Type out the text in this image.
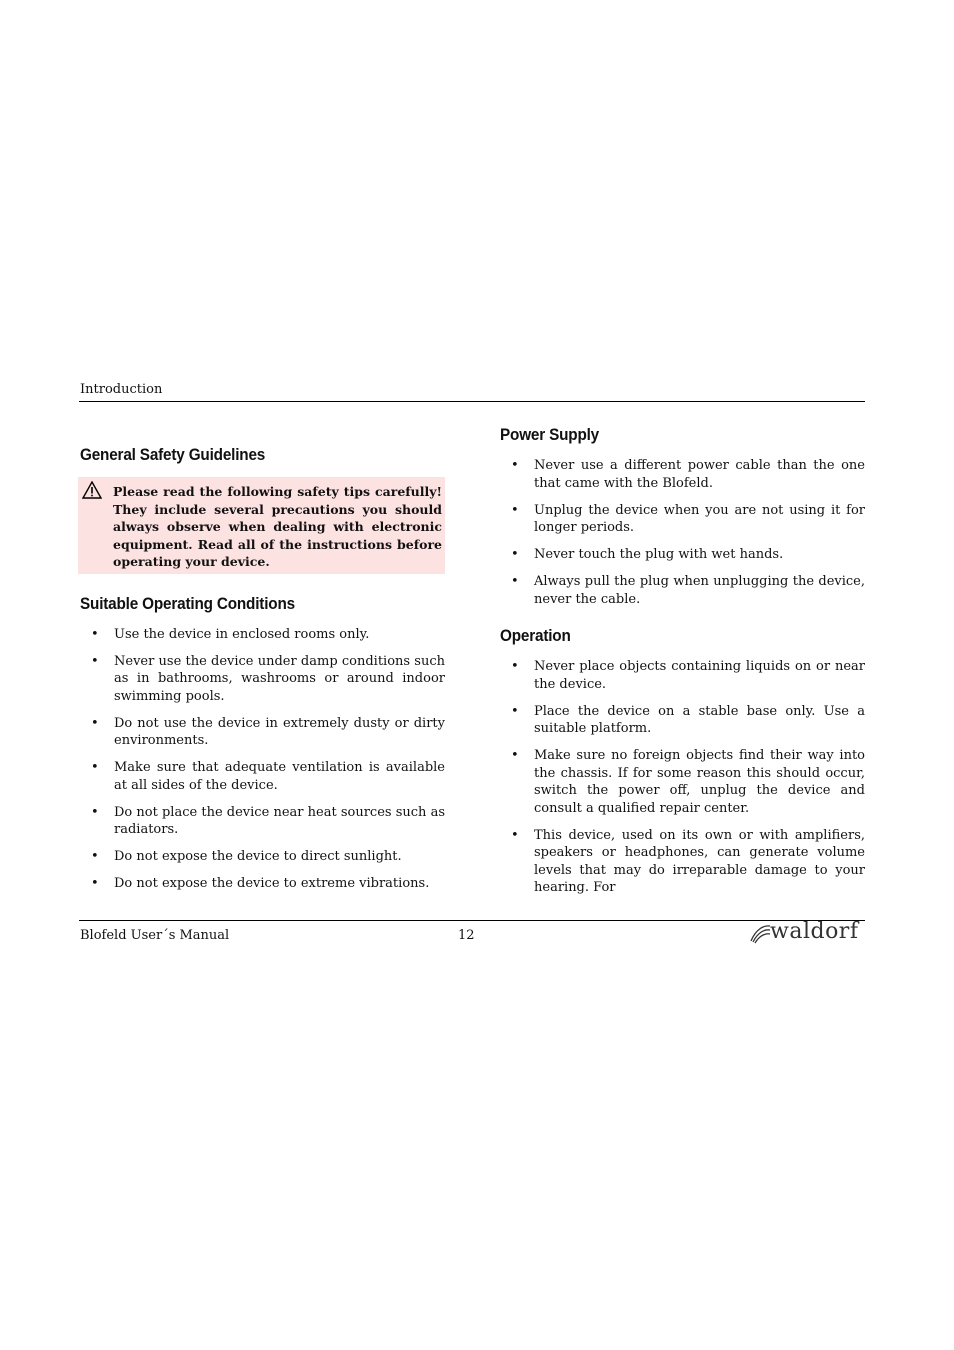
Introduction
General Safety Guidelines
Please read the following safety tips carefully! They include several precautions you should always observe when dealing with electronic equipment. Read all of the instructions before operating your device.
Suitable Operating Conditions
• Use the device in enclosed rooms only.
• Never use the device under damp conditions such as in bathrooms, washrooms or around indoor swimming pools.
• Do not use the device in extremely dusty or dirty environments.
• Make sure that adequate ventilation is available at all sides of the device.
• Do not place the device near heat sources such as radiators.
• Do not expose the device to direct sunlight.
• Do not expose the device to extreme vibrations.
Power Supply
• Never use a different power cable than the one that came with the Blofeld.
• Unplug the device when you are not using it for longer periods.
• Never touch the plug with wet hands.
• Always pull the plug when unplugging the device, never the cable.
Operation
• Never place objects containing liquids on or near the device.
• Place the device on a stable base only. Use a suitable platform.
• Make sure no foreign objects find their way into the chassis. If for some reason this should occur, switch the power off, unplug the device and consult a qualified repair center.
• This device, used on its own or with amplifiers, speakers or headphones, can generate volume levels that may do irreparable damage to your hearing. For
Blofeld User´s Manual	12	waldorf
